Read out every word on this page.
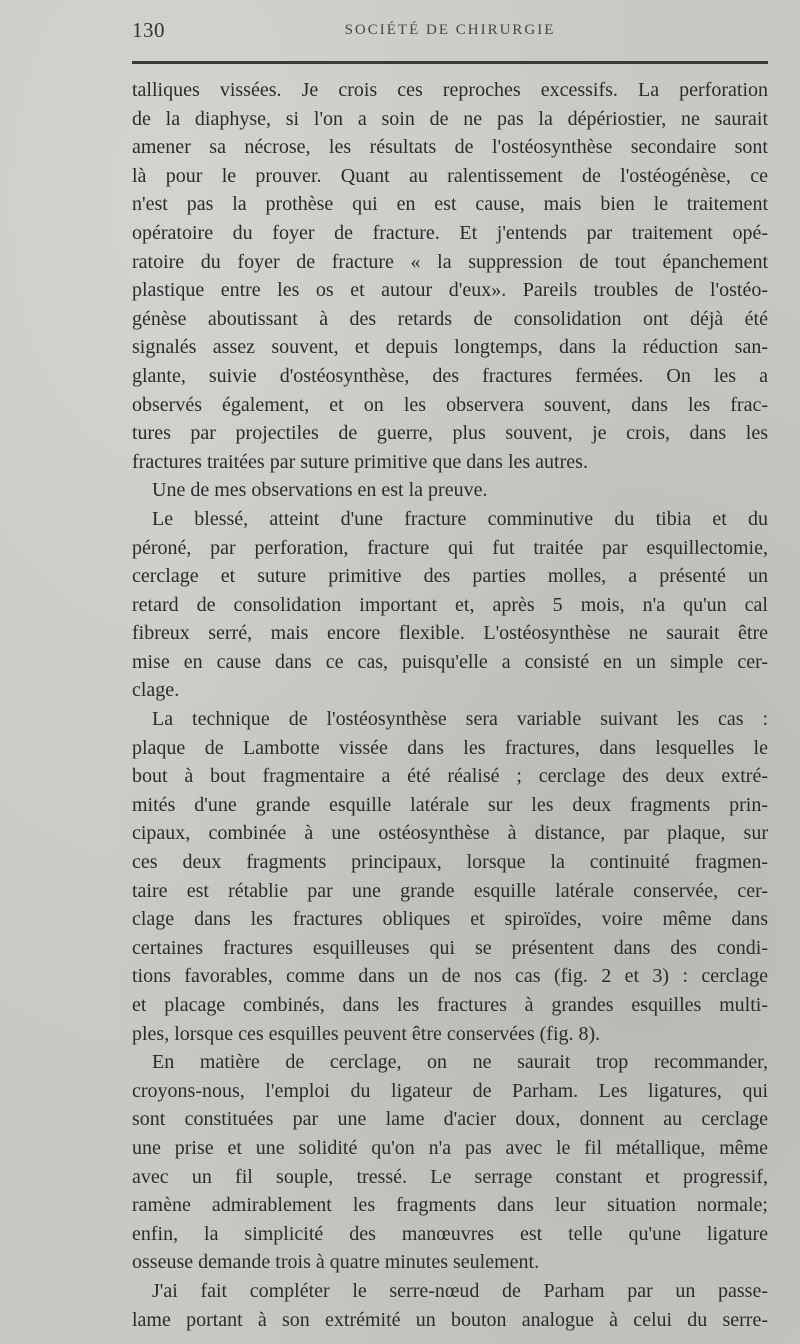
130	SOCIÉTÉ DE CHIRURGIE
talliques vissées. Je crois ces reproches excessifs. La perforation
de la diaphyse, si l'on a soin de ne pas la dépériostier, ne saurait
amener sa nécrose, les résultats de l'ostéosynthèse secondaire sont
là pour le prouver. Quant au ralentissement de l'ostéogénèse, ce
n'est pas la prothèse qui en est cause, mais bien le traitement
opératoire du foyer de fracture. Et j'entends par traitement opé-
ratoire du foyer de fracture « la suppression de tout épanchement
plastique entre les os et autour d'eux». Pareils troubles de l'ostéo-
génèse aboutissant à des retards de consolidation ont déjà été
signalés assez souvent, et depuis longtemps, dans la réduction san-
glante, suivie d'ostéosynthèse, des fractures fermées. On les a
observés également, et on les observera souvent, dans les frac-
tures par projectiles de guerre, plus souvent, je crois, dans les
fractures traitées par suture primitive que dans les autres.
Une de mes observations en est la preuve.
Le blessé, atteint d'une fracture comminutive du tibia et du
péroné, par perforation, fracture qui fut traitée par esquillectomie,
cerclage et suture primitive des parties molles, a présenté un
retard de consolidation important et, après 5 mois, n'a qu'un cal
fibreux serré, mais encore flexible. L'ostéosynthèse ne saurait être
mise en cause dans ce cas, puisqu'elle a consisté en un simple cer-
clage.
La technique de l'ostéosynthèse sera variable suivant les cas :
plaque de Lambotte vissée dans les fractures, dans lesquelles le
bout à bout fragmentaire a été réalisé ; cerclage des deux extré-
mités d'une grande esquille latérale sur les deux fragments prin-
cipaux, combinée à une ostéosynthèse à distance, par plaque, sur
ces deux fragments principaux, lorsque la continuité fragmen-
taire est rétablie par une grande esquille latérale conservée, cer-
clage dans les fractures obliques et spiroïdes, voire même dans
certaines fractures esquilleuses qui se présentent dans des condi-
tions favorables, comme dans un de nos cas (fig. 2 et 3) : cerclage
et placage combinés, dans les fractures à grandes esquilles multi-
ples, lorsque ces esquilles peuvent être conservées (fig. 8).
En matière de cerclage, on ne saurait trop recommander,
croyons-nous, l'emploi du ligateur de Parham. Les ligatures, qui
sont constituées par une lame d'acier doux, donnent au cerclage
une prise et une solidité qu'on n'a pas avec le fil métallique, même
avec un fil souple, tressé. Le serrage constant et progressif,
ramène admirablement les fragments dans leur situation normale;
enfin, la simplicité des manœuvres est telle qu'une ligature
osseuse demande trois à quatre minutes seulement.
J'ai fait compléter le serre-nœud de Parham par un passe-
lame portant à son extrémité un bouton analogue à celui du serre-
